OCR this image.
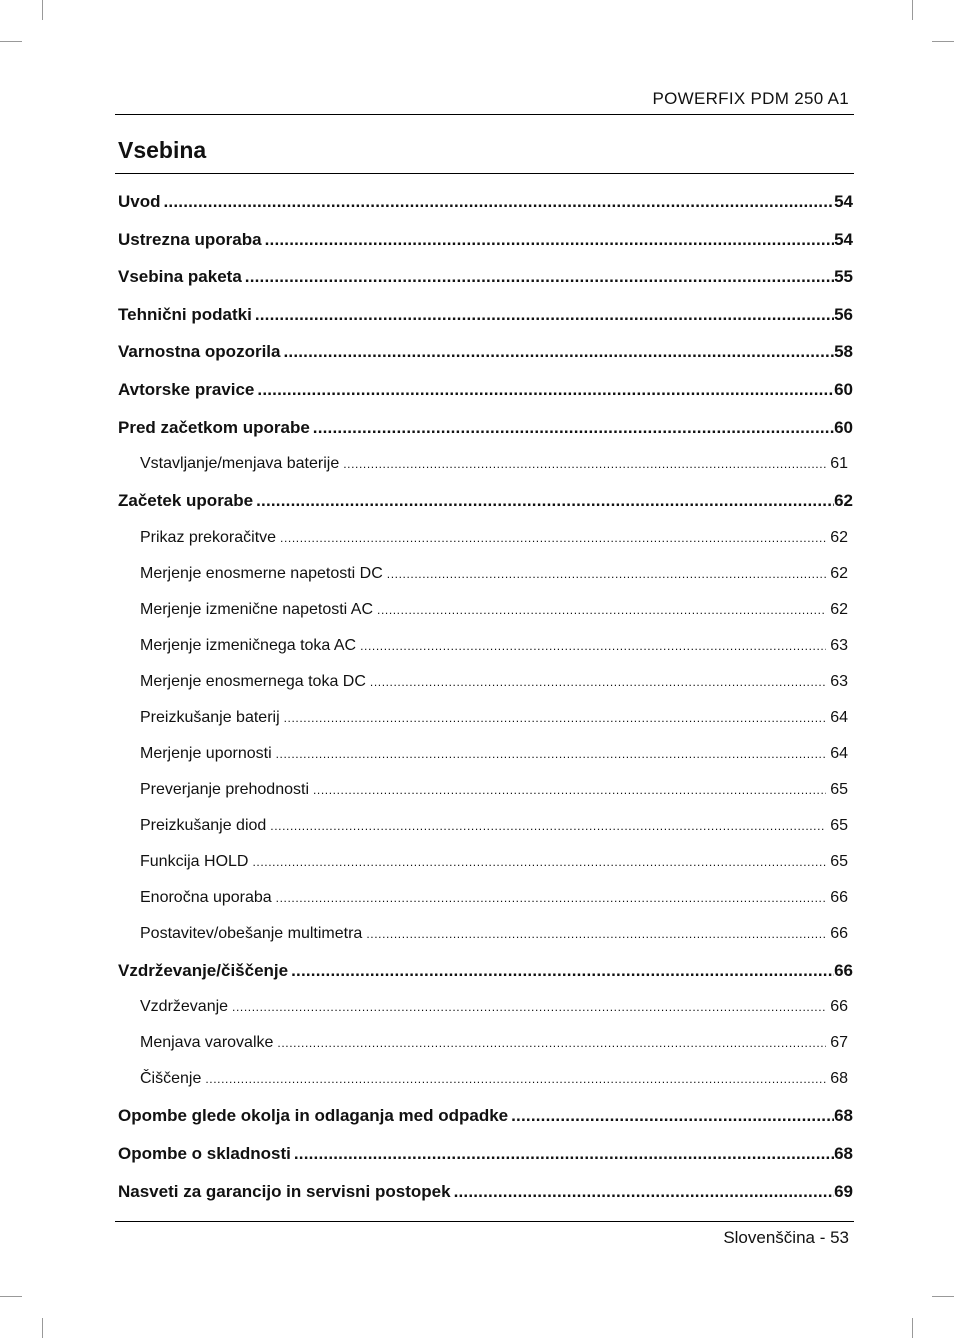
POWERFIX PDM 250 A1
Vsebina
Uvod .....	54
Ustrezna uporaba .....	54
Vsebina paketa .....	55
Tehnični podatki .....	56
Varnostna opozorila .....	58
Avtorske pravice .....	60
Pred začetkom uporabe .....	60
Vstavljanje/menjava baterije .....	61
Začetek uporabe .....	62
Prikaz prekoračitve .....	62
Merjenje enosmerne napetosti DC .....	62
Merjenje izmenične napetosti AC .....	62
Merjenje izmeničnega toka AC .....	63
Merjenje enosmernega toka DC .....	63
Preizkušanje baterij .....	64
Merjenje upornosti .....	64
Preverjanje prehodnosti .....	65
Preizkušanje diod .....	65
Funkcija HOLD .....	65
Enoročna uporaba .....	66
Postavitev/obešanje multimetra .....	66
Vzdrževanje/čiščenje .....	66
Vzdrževanje .....	66
Menjava varovalke .....	67
Čiščenje .....	68
Opombe glede okolja in odlaganja med odpadke .....	68
Opombe o skladnosti .....	68
Nasveti za garancijo in servisni postopek .....	69
Slovenščina - 53
